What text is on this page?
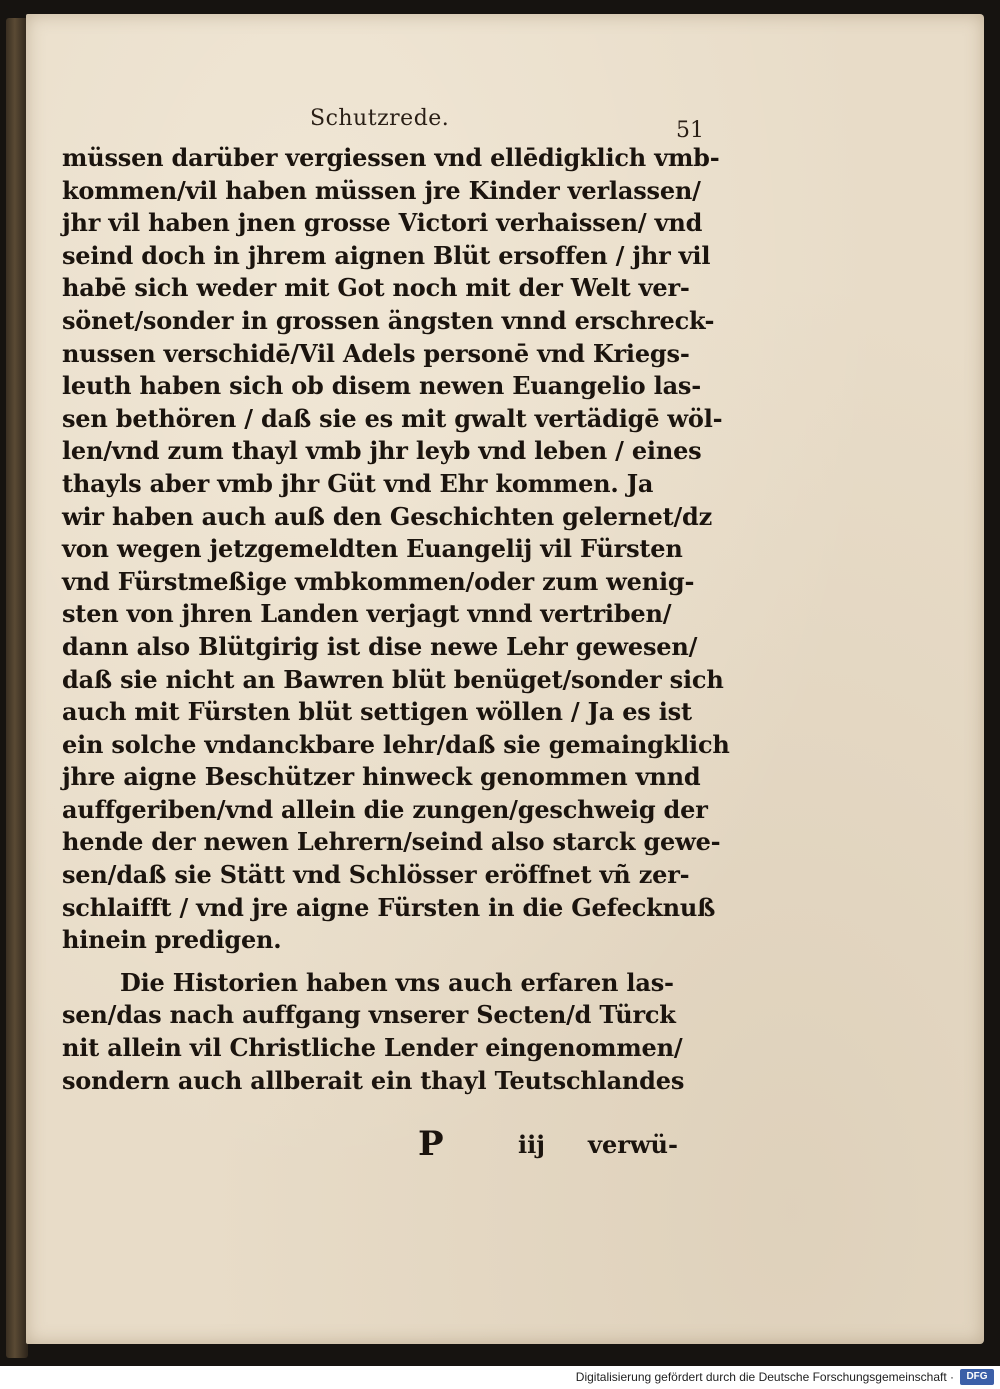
Schutzrede.	51
müssen darüber vergiessen vnd ellēdigklich vmb-
kommen/vil haben müssen jre Kinder verlassen/
jhr vil haben jnen grosse Victori verhaissen/ vnd
seind doch in jhrem aignen Blüt ersoffen / jhr vil
habē sich weder mit Got noch mit der Welt ver-
sönet/sonder in grossen ängsten vnnd erschreck-
nussen verschidē/Vil Adels personē vnd Kriegs-
leuth haben sich ob disem newen Euangelio las-
sen bethören / daß sie es mit gwalt vertädigē wöl-
len/vnd zum thayl vmb jhr leyb vnd leben / eines
thayls aber vmb jhr Güt vnd Ehr kommen. Ja
wir haben auch auß den Geschichten gelernet/dz
von wegen jetzgemeldten Euangelij vil Fürsten
vnd Fürstmeßige vmbkommen/oder zum wenig-
sten von jhren Landen verjagt vnnd vertriben/
dann also Blütgirig ist dise newe Lehr gewesen/
daß sie nicht an Bawren blüt benüget/sonder sich
auch mit Fürsten blüt settigen wöllen / Ja es ist
ein solche vndanckbare lehr/daß sie gemaingklich
jhre aigne Beschützer hinweck genommen vnnd
auffgeriben/vnd allein die zungen/geschweig der
hende der newen Lehrern/seind also starck gewe-
sen/daß sie Stätt vnd Schlösser eröffnet vñ zer-
schlaifft / vnd jre aigne Fürsten in die Gefecknuß
hinein predigen.
Die Historien haben vns auch erfaren las-
sen/das nach auffgang vnserer Secten/d Türck
nit allein vil Christliche Lender eingenommen/
sondern auch allberait ein thayl Teutschlandes
P	iij verwü-
Digitalisierung gefördert durch die Deutsche Forschungsgemeinschaft ·	DFG
